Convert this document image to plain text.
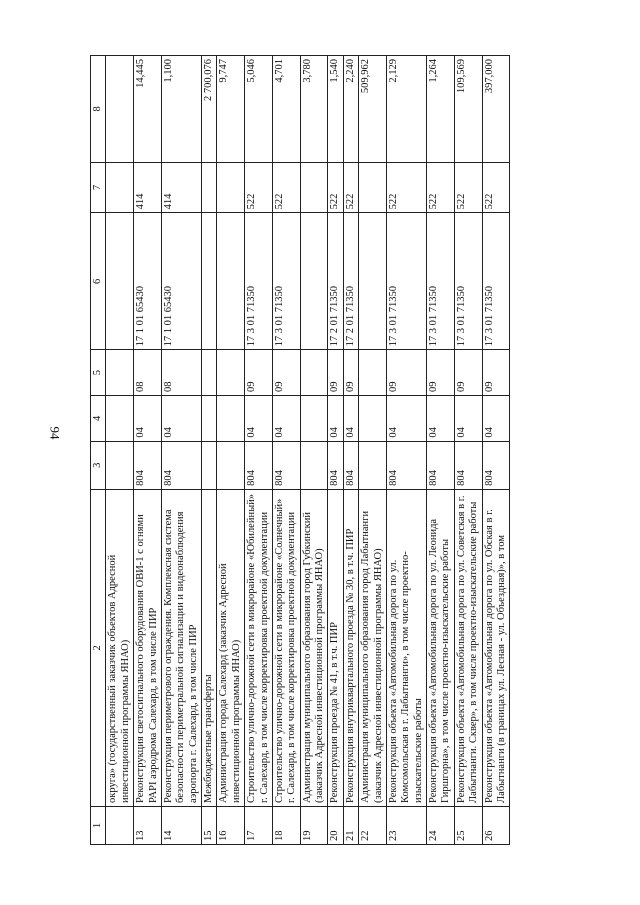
94
1	2	3	4	5	6	7	8
	округа» (государственный заказчик объектов Адресной инвестиционной программы ЯНАО)						
13	Реконструкция светосигнального оборудования ОВИ-1 с огнями РАРI аэродрома Салехард, в том числе ПИР	804	04	08	17 1 01 65430	414	14,445
14	Реконструкция периметрового ограждения. Комплексная система безопасности периметральной сигнализации и видеонаблюдения аэропорта г. Салехард, в том числе ПИР	804	04	08	17 1 01 65430	414	1,100
15	Межбюджетные трансферты						2 700,076
16	Администрация города Салехард (заказчик Адресной инвестиционной программы ЯНАО)						9,747
17	Строительство улично-дорожной сети в микрорайоне «Юбилейный» г. Салехард, в том числе корректировка проектной документации	804	04	09	17 3 01 71350	522	5,046
18	Строительство улично-дорожной сети в микрорайоне «Солнечный» г. Салехард, в том числе корректировка проектной документации	804	04	09	17 3 01 71350	522	4,701
19	Администрация муниципального образования город Губкинский (заказчик Адресной инвестиционной программы ЯНАО)						3,780
20	Реконструкция проезда № 41, в т.ч. ПИР	804	04	09	17 2 01 71350	522	1,540
21	Реконструкция внутриквартального проезда № 30, в т.ч. ПИР	804	04	09	17 2 01 71350	522	2,240
22	Администрация муниципального образования город Лабытнанги (заказчик Адресной инвестиционной программы ЯНАО)						509,962
23	Реконструкция объекта «Автомобильная дорога по ул. Комсомольская в г. Лабытнанги», в том числе проектно-изыскательские работы	804	04	09	17 3 01 71350	522	2,129
24	Реконструкция объекта «Автомобильная дорога по ул. Леонида Гиршгорна», в том числе проектно-изыскательские работы	804	04	09	17 3 01 71350	522	1,264
25	Реконструкция объекта «Автомобильная дорога по ул. Советская в г. Лабытнанги. Сквер», в том числе проектно-изыскательские работы	804	04	09	17 3 01 71350	522	109,569
26	Реконструкция объекта «Автомобильная дорога по ул. Обская в г. Лабытнанги (в границах ул. Лесная - ул. Объездная)», в том	804	04	09	17 3 01 71350	522	397,000
